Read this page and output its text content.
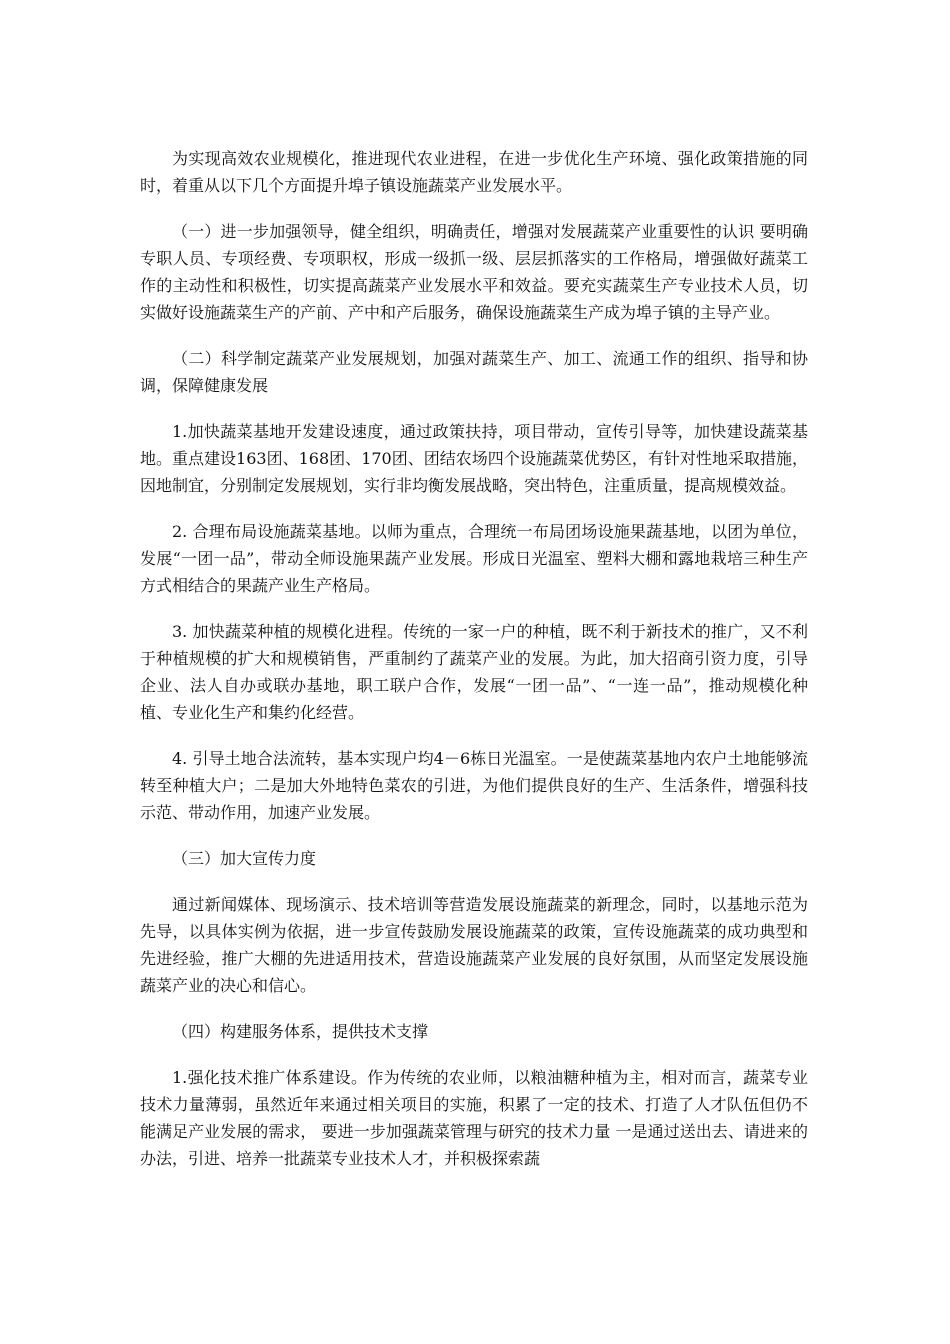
为实现高效农业规模化，推进现代农业进程，在进一步优化生产环境、强化政策措施的同时，着重从以下几个方面提升埠子镇设施蔬菜产业发展水平。

（一）进一步加强领导，健全组织，明确责任，增强对发展蔬菜产业重要性的认识 要明确专职人员、专项经费、专项职权，形成一级抓一级、层层抓落实的工作格局，增强做好蔬菜工作的主动性和积极性，切实提高蔬菜产业发展水平和效益。要充实蔬菜生产专业技术人员，切实做好设施蔬菜生产的产前、产中和产后服务，确保设施蔬菜生产成为埠子镇的主导产业。

（二）科学制定蔬菜产业发展规划，加强对蔬菜生产、加工、流通工作的组织、指导和协调，保障健康发展

1.加快蔬菜基地开发建设速度，通过政策扶持，项目带动，宣传引导等，加快建设蔬菜基地。重点建设163团、168团、170团、团结农场四个设施蔬菜优势区，有针对性地采取措施，因地制宜，分别制定发展规划，实行非均衡发展战略，突出特色，注重质量，提高规模效益。

2. 合理布局设施蔬菜基地。以师为重点，合理统一布局团场设施果蔬基地，以团为单位，发展“一团一品”，带动全师设施果蔬产业发展。形成日光温室、塑料大棚和露地栽培三种生产方式相结合的果蔬产业生产格局。

3. 加快蔬菜种植的规模化进程。传统的一家一户的种植，既不利于新技术的推广，又不利于种植规模的扩大和规模销售，严重制约了蔬菜产业的发展。为此，加大招商引资力度，引导企业、法人自办或联办基地，职工联户合作，发展“一团一品”、“一连一品”，推动规模化种植、专业化生产和集约化经营。

4. 引导土地合法流转，基本实现户均4－6栋日光温室。一是使蔬菜基地内农户土地能够流转至种植大户；二是加大外地特色菜农的引进，为他们提供良好的生产、生活条件，增强科技示范、带动作用，加速产业发展。

（三）加大宣传力度

通过新闻媒体、现场演示、技术培训等营造发展设施蔬菜的新理念，同时，以基地示范为先导，以具体实例为依据，进一步宣传鼓励发展设施蔬菜的政策，宣传设施蔬菜的成功典型和先进经验，推广大棚的先进适用技术，营造设施蔬菜产业发展的良好氛围，从而坚定发展设施蔬菜产业的决心和信心。

（四）构建服务体系，提供技术支撑

1.强化技术推广体系建设。作为传统的农业师，以粮油糖种植为主，相对而言，蔬菜专业技术力量薄弱，虽然近年来通过相关项目的实施，积累了一定的技术、打造了人才队伍但仍不能满足产业发展的需求， 要进一步加强蔬菜管理与研究的技术力量 一是通过送出去、请进来的办法，引进、培养一批蔬菜专业技术人才，并积极探索蔬
